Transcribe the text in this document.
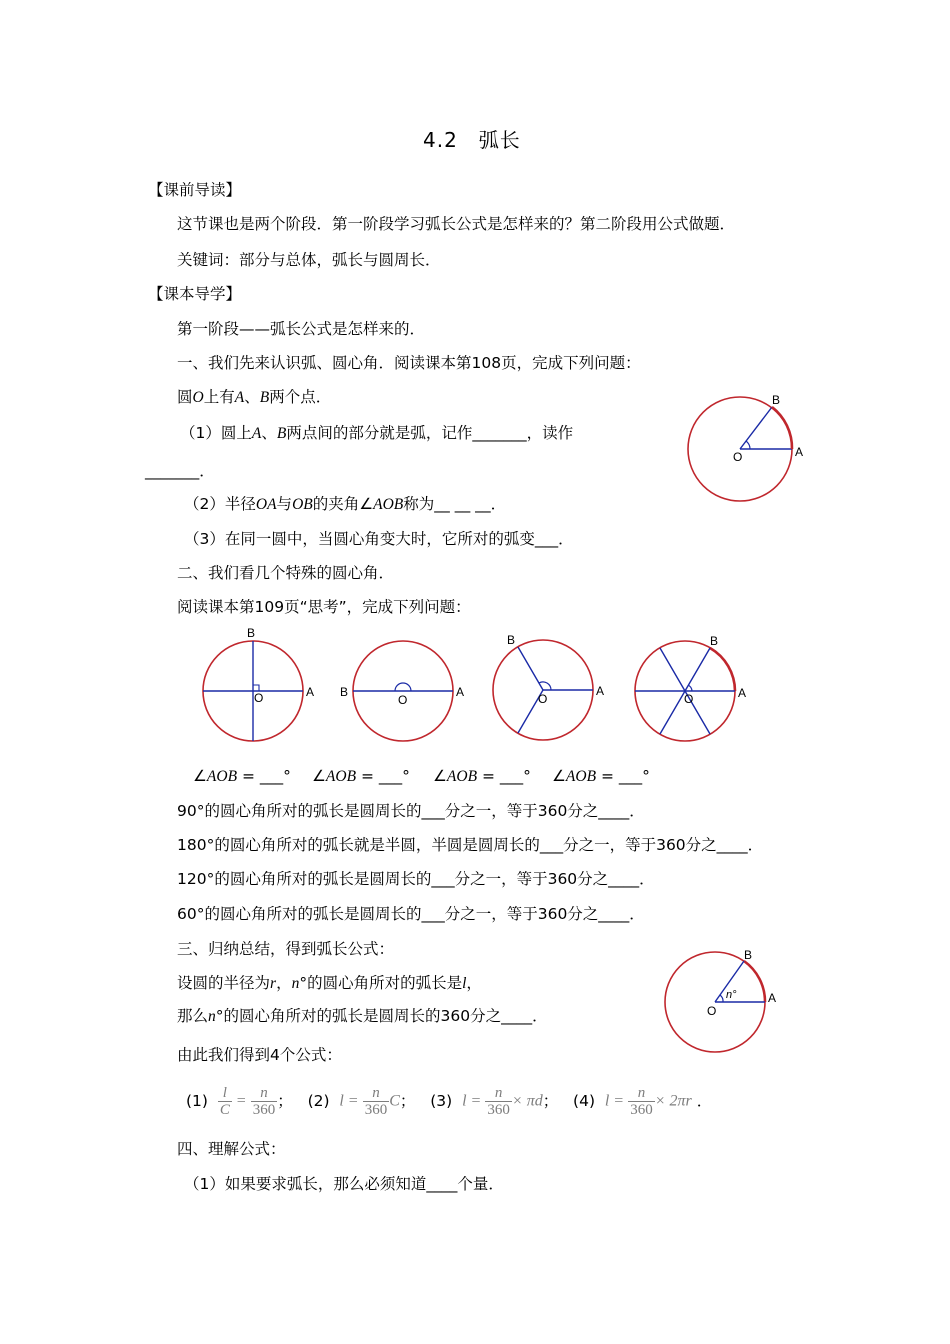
4.2　弧长
【课前导读】
这节课也是两个阶段．第一阶段学习弧长公式是怎样来的？第二阶段用公式做题．
关键词：部分与总体，弧长与圆周长．
【课本导学】
第一阶段——弧长公式是怎样来的．
一、我们先来认识弧、圆心角．阅读课本第108页，完成下列问题：
圆O上有A、B两个点．
（1）圆上A、B两点间的部分就是弧，记作_______，读作
_______．
（2）半径OA与OB的夹角∠AOB称为__ __ __．
（3）在同一圆中，当圆心角变大时，它所对的弧变___．
O	A
B
二、我们看几个特殊的圆心角．
阅读课本第109页“思考”，完成下列问题：
O	A
B
O
A
B	O
A
B
O	A
B
∠AOB = ___° ∠AOB = ___° ∠AOB = ___° ∠AOB = ___°
90°的圆心角所对的弧长是圆周长的___分之一，等于360分之____．
180°的圆心角所对的弧长就是半圆，半圆是圆周长的___分之一，等于360分之____．
120°的圆心角所对的弧长是圆周长的___分之一，等于360分之____．
60°的圆心角所对的弧长是圆周长的___分之一，等于360分之____．
三、归纳总结，得到弧长公式：
设圆的半径为r，n°的圆心角所对的弧长是l，
那么n°的圆心角所对的弧长是圆周长的360分之____．
n°
O
A
B
由此我们得到4个公式：
$(1) \frac{l}{C} = \frac{n}{360}$ ； (2) $l = \frac{n}{360}$ C； (3) $l = \frac{n}{360} \times \pi d$； (4) $l = \frac{n}{360} \times 2\pi r$ ．
四、理解公式：
（1）如果要求弧长，那么必须知道____个量．
